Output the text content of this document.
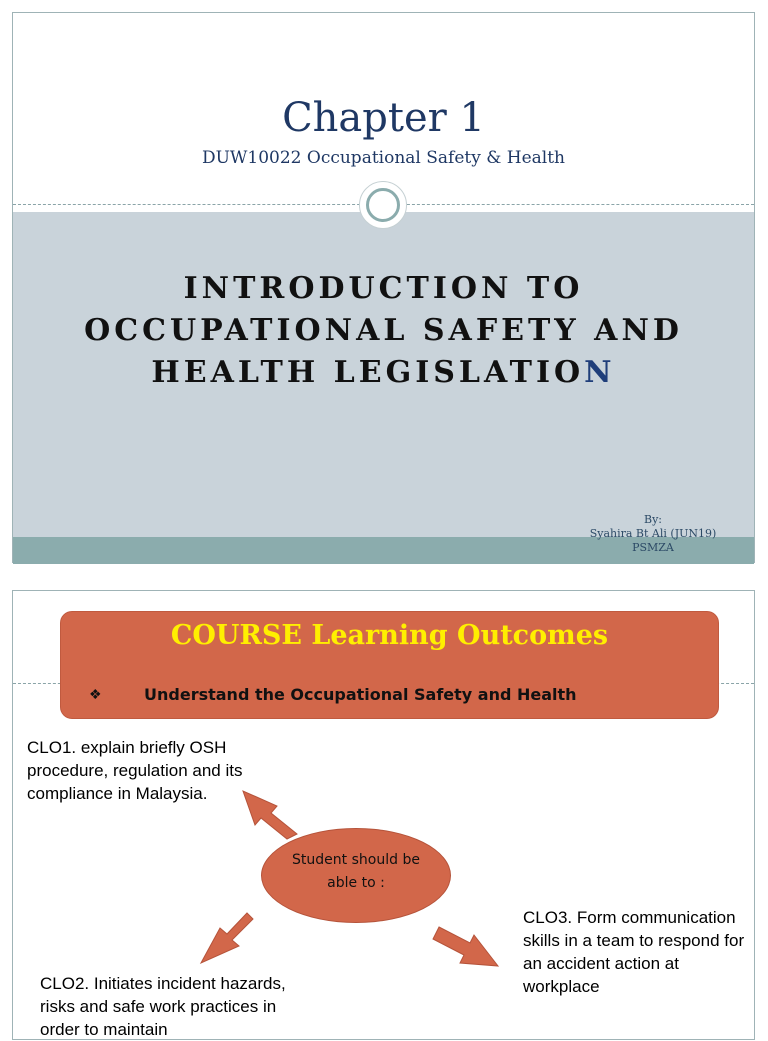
Chapter 1
DUW10022 Occupational Safety & Health
INTRODUCTION TO
OCCUPATIONAL SAFETY AND
HEALTH LEGISLATION
By:
Syahira Bt Ali (JUN19)
PSMZA
COURSE Learning Outcomes
❖	Understand the Occupational Safety and Health
CLO1. explain briefly OSH procedure, regulation and its compliance in Malaysia.
CLO2. Initiates incident hazards, risks and safe work practices in order to maintain
CLO3. Form communication skills in a team to respond for an accident action at workplace
Student should be
able to :
